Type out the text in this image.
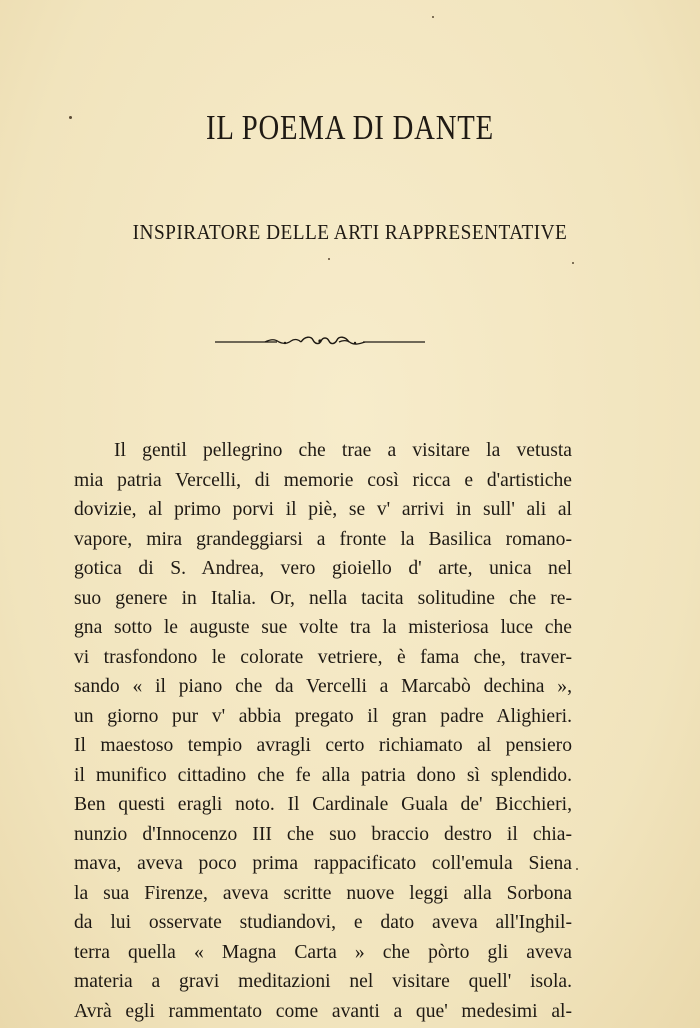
IL POEMA DI DANTE
INSPIRATORE DELLE ARTI RAPPRESENTATIVE
Il gentil pellegrino che trae a visitare la vetusta
mia patria Vercelli, di memorie così ricca e d'artistiche
dovizie, al primo porvi il piè, se v' arrivi in sull' ali al
vapore, mira grandeggiarsi a fronte la Basilica romano-
gotica di S. Andrea, vero gioiello d' arte, unica nel
suo genere in Italia. Or, nella tacita solitudine che re-
gna sotto le auguste sue volte tra la misteriosa luce che
vi trasfondono le colorate vetriere, è fama che, traver-
sando « il piano che da Vercelli a Marcabò dechina »,
un giorno pur v' abbia pregato il gran padre Alighieri.
Il maestoso tempio avragli certo richiamato al pensiero
il munifico cittadino che fe alla patria dono sì splendido.
Ben questi eragli noto. Il Cardinale Guala de' Bicchieri,
nunzio d'Innocenzo III che suo braccio destro il chia-
mava, aveva poco prima rappacificato coll'emula Siena
la sua Firenze, aveva scritte nuove leggi alla Sorbona
da lui osservate studiandovi, e dato aveva all'Inghil-
terra quella « Magna Carta » che pòrto gli aveva
materia a gravi meditazioni nel visitare quell' isola.
Avrà egli rammentato come avanti a que' medesimi al-
